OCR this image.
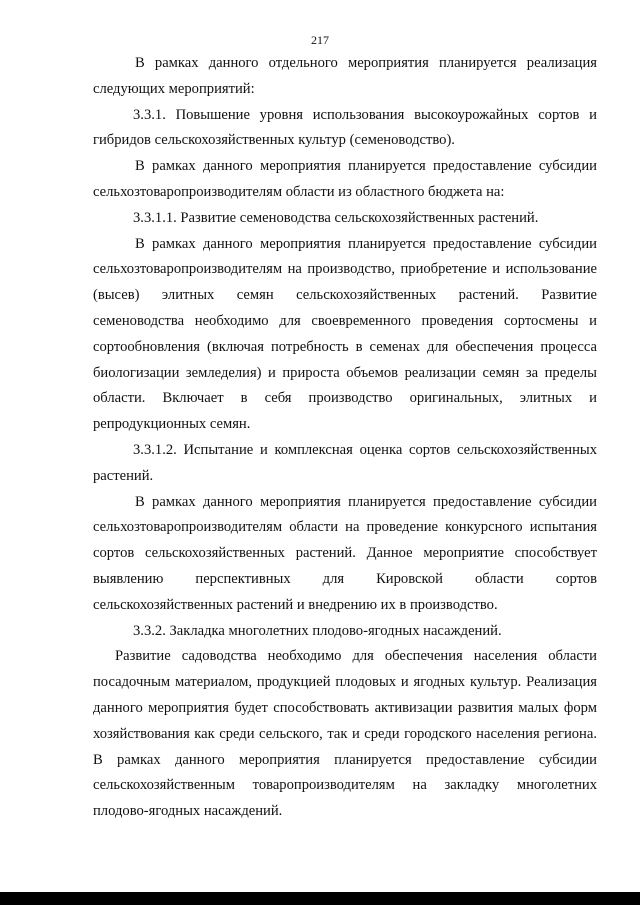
217

В рамках данного отдельного мероприятия планируется реализация следующих мероприятий:

3.3.1. Повышение уровня использования высокоурожайных сортов и гибридов сельскохозяйственных культур (семеноводство).

В рамках данного мероприятия планируется предоставление субсидии сельхозтоваропроизводителям области из областного бюджета на:

3.3.1.1. Развитие семеноводства сельскохозяйственных растений.

В рамках данного мероприятия планируется предоставление субсидии сельхозтоваропроизводителям на производство, приобретение и использование (высев) элитных семян сельскохозяйственных растений. Развитие семеноводства необходимо для своевременного проведения сортосмены и сортообновления (включая потребность в семенах для обеспечения процесса биологизации земледелия) и прироста объемов реализации семян за пределы области. Включает в себя производство оригинальных, элитных и репродукционных семян.

3.3.1.2. Испытание и комплексная оценка сортов сельскохозяйственных растений.

В рамках данного мероприятия планируется предоставление субсидии сельхозтоваропроизводителям области на проведение конкурсного испытания сортов сельскохозяйственных растений. Данное мероприятие способствует выявлению перспективных для Кировской области сортов сельскохозяйственных растений и внедрению их в производство.

3.3.2. Закладка многолетних плодово-ягодных насаждений.

Развитие садоводства необходимо для обеспечения населения области посадочным материалом, продукцией плодовых и ягодных культур. Реализация данного мероприятия будет способствовать активизации развития малых форм хозяйствования как среди сельского, так и среди городского населения региона. В рамках данного мероприятия планируется предоставление субсидии сельскохозяйственным товаропроизводителям на закладку многолетних плодово-ягодных насаждений.
